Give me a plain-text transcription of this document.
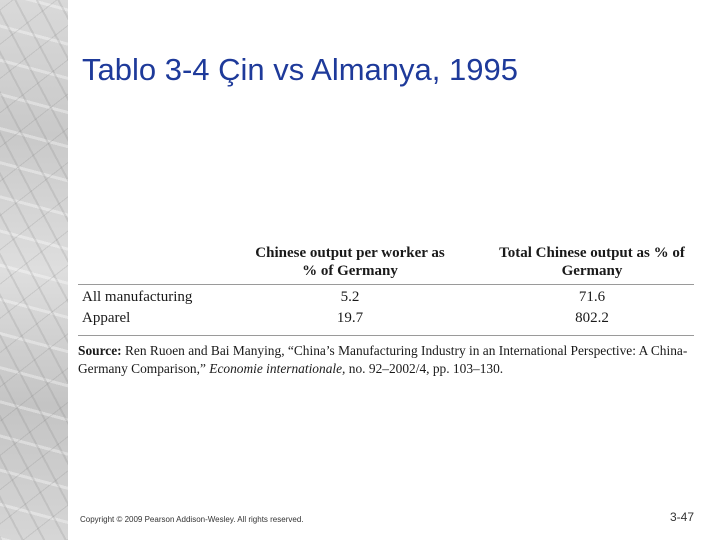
Tablo 3-4 Çin vs Almanya, 1995
Chinese output per worker as % of Germany
Total Chinese output as % of Germany
All manufacturing	5.2	71.6
Apparel	19.7	802.2
Source: Ren Ruoen and Bai Manying, “China’s Manufacturing Industry in an International Perspective: A China-Germany Comparison,” Economie internationale, no. 92–2002/4, pp. 103–130.
Copyright © 2009 Pearson Addison-Wesley. All rights reserved.	3-47
